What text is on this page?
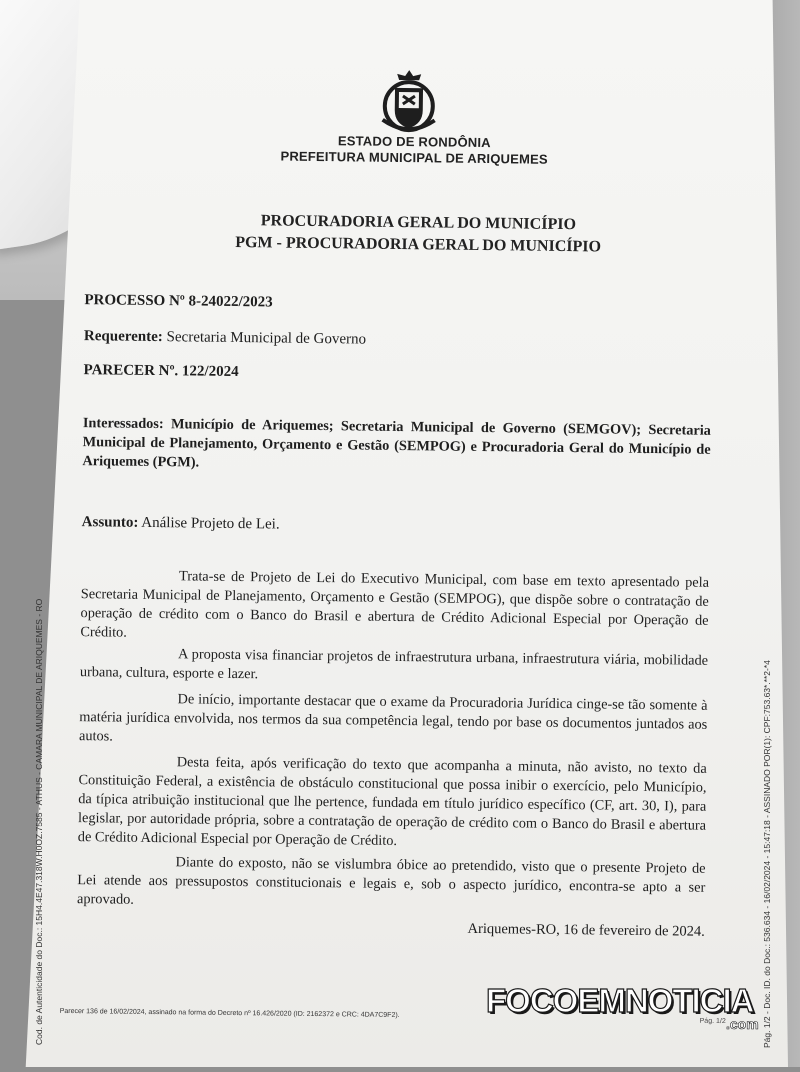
ESTADO DE RONDÔNIA
PREFEITURA MUNICIPAL DE ARIQUEMES
PROCURADORIA GERAL DO MUNICÍPIO
PGM - PROCURADORIA GERAL DO MUNICÍPIO
PROCESSO Nº 8-24022/2023
Requerente: Secretaria Municipal de Governo
PARECER Nº. 122/2024
Interessados: Município de Ariquemes; Secretaria Municipal de Governo (SEMGOV); Secretaria Municipal de Planejamento, Orçamento e Gestão (SEMPOG) e Procuradoria Geral do Município de Ariquemes (PGM).
Assunto: Análise Projeto de Lei.
Trata-se de Projeto de Lei do Executivo Municipal, com base em texto apresentado pela Secretaria Municipal de Planejamento, Orçamento e Gestão (SEMPOG), que dispõe sobre o contratação de operação de crédito com o Banco do Brasil e abertura de Crédito Adicional Especial por Operação de Crédito.
A proposta visa financiar projetos de infraestrutura urbana, infraestrutura viária, mobilidade urbana, cultura, esporte e lazer.
De início, importante destacar que o exame da Procuradoria Jurídica cinge-se tão somente à matéria jurídica envolvida, nos termos da sua competência legal, tendo por base os documentos juntados aos autos.
Desta feita, após verificação do texto que acompanha a minuta, não avisto, no texto da Constituição Federal, a existência de obstáculo constitucional que possa inibir o exercício, pelo Município, da típica atribuição institucional que lhe pertence, fundada em título jurídico específico (CF, art. 30, I), para legislar, por autoridade própria, sobre a contratação de operação de crédito com o Banco do Brasil e abertura de Crédito Adicional Especial por Operação de Crédito.
Diante do exposto, não se vislumbra óbice ao pretendido, visto que o presente Projeto de Lei atende aos pressupostos constitucionais e legais e, sob o aspecto jurídico, encontra-se apto a ser aprovado.
Ariquemes-RO, 16 de fevereiro de 2024.
Parecer 136 de 16/02/2024, assinado na forma do Decreto nº 16.426/2020 (ID: 2162372 e CRC: 4DA7C9F2).
Pág. 1/2
Cod. de Autenticidade do Doc.: 15H4.4E47.318W.H0OZ.7585 - ATHUS - CAMARA MUNICIPAL DE ARIQUEMES - RO	Pág. 1/2 - Doc. ID. do Doc.: 536.634 - 16/02/2024 - 15:47:18 - ASSINADO POR(1): CPF:753.63*.**2-*4
FOCOEMNOTICIA
.com
